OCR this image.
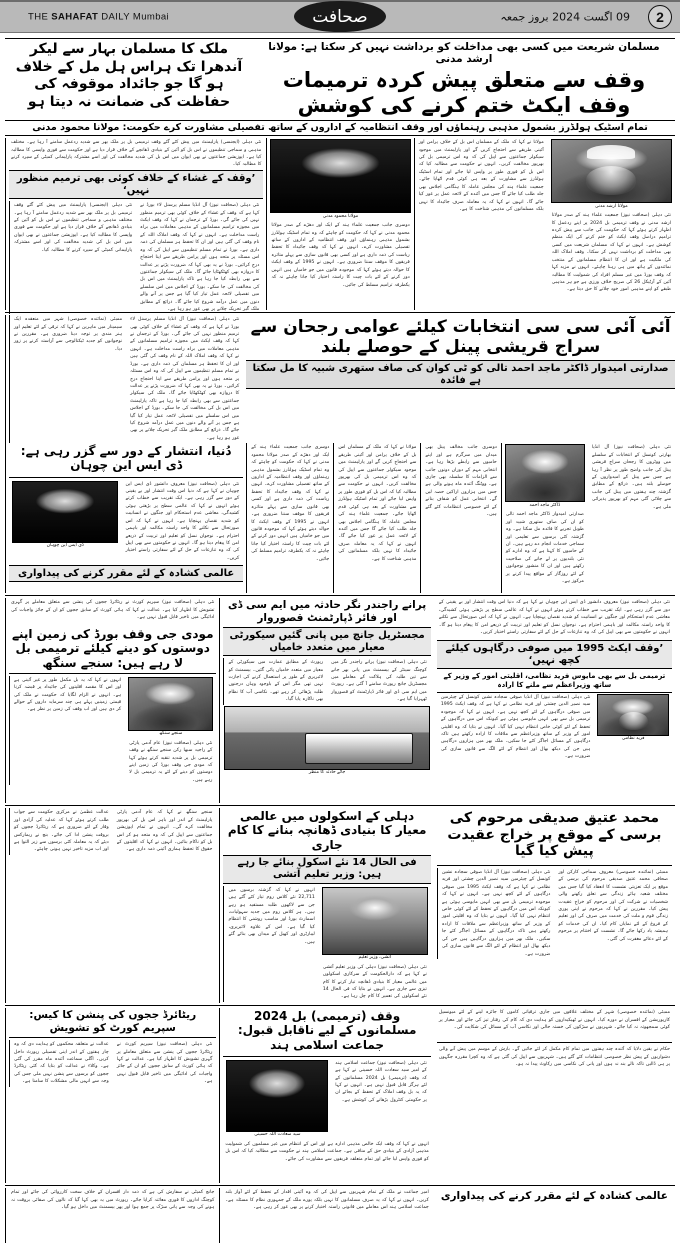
THE SAHAFAT DAILY Mumbai	صحافت	09 اگست 2024 بروز جمعہ	2
مسلمان شریعت میں کسی بھی مداخلت کو برداشت نہیں کر سکتا ہے: مولانا ارشد مدنی
وقف سے متعلق پیش کردہ ترمیمات وقف ایکٹ ختم کرنے کی کوشش
ملک کا مسلمان بہار سے لیکر آندھرا تک ہراس ہل مل کے خلاف ہو گا جو جائداد موقوفہ کی حفاظت کی ضمانت نہ دیتا ہو
تمام اسٹیک ہولڈرز بشمول مذہبی رہنماؤں اور وقف انتظامیہ کے اداروں کے ساتھ تفصیلی مشاورت کرے حکومت: مولانا محمود مدنی
مولانا ارشد مدنی
نئی دہلی (صحافت نیوز) جمعیت علماء ہند کے صدر مولانا ارشد مدنی نے وقف ترمیمی بل 2024 پر اپنے ردعمل کا اظہار کرتے ہوئے کہا کہ حکومت کی جانب سے پیش کردہ ترامیم دراصل وقف ایکٹ کو ختم کرنے کی ایک منظم کوشش ہے۔ انہوں نے کہا کہ مسلمان شریعت میں کسی بھی مداخلت کو برداشت نہیں کر سکتا۔ وقف املاک اللہ کی ملکیت ہے اور ان کا انتظام مسلمانوں کے منتخب نمائندوں کے ہاتھ میں ہی رہنا چاہئے۔ انہوں نے مزید کہا کہ وقف بورڈ میں غیر مسلم افراد کی شمولیت کا مطالبہ آئین کے آرٹیکل 26 کی صریح خلاف ورزی ہے جو ہر مذہبی طبقے کو اپنے مذہبی امور خود چلانے کا حق دیتا ہے۔
مولانا نے کہا کہ ملک کے مسلمان اس بل کے خلاف پرامن اور آئینی طریقے سے احتجاج کریں گے اور پارلیمنٹ میں موجود سیکولر جماعتوں سے اپیل کی کہ وہ اس ترمیمی بل کی بھرپور مخالفت کریں۔ انہوں نے حکومت سے مطالبہ کیا کہ اس بل کو فوری طور پر واپس لیا جائے اور تمام اسٹیک ہولڈرز سے مشاورت کے بعد ہی کوئی قدم اٹھایا جائے۔ جمعیت علماء ہند کی مجلس عاملہ کا ہنگامی اجلاس بھی جلد طلب کیا جائے گا جس میں آئندہ کے لائحہ عمل پر غور کیا جائے گا۔ انہوں نے کہا کہ یہ معاملہ صرف جائیداد کا نہیں بلکہ مسلمانوں کی مذہبی شناخت کا ہے۔
مولانا محمود مدنی
دوسری جانب جمعیت علماء ہند کے ایک اور دھڑے کے صدر مولانا محمود مدنی نے کہا کہ حکومت کو چاہئے کہ وہ تمام اسٹیک ہولڈرز بشمول مذہبی رہنماؤں اور وقف انتظامیہ کے اداروں کے ساتھ تفصیلی مشاورت کرے۔ انہوں نے کہا کہ وقف جائیداد کا تحفظ ریاست کی ذمہ داری ہے اور کسی بھی قانون سازی سے پہلے متاثرہ فریقوں کا موقف سننا ضروری ہے۔ انہوں نے 1995 کے وقف ایکٹ کا حوالہ دیتے ہوئے کہا کہ موجودہ قانون میں جو خامیاں ہیں انہیں دور کرنے کے لئے بات چیت کا راستہ اختیار کیا جانا چاہئے نہ کہ یکطرفہ ترامیم مسلط کی جائیں۔
نئی دہلی (ایجنسی) پارلیمنٹ میں پیش کئے گئے وقف ترمیمی بل پر ملک بھر سے شدید ردعمل سامنے آ رہا ہے۔ مختلف مذہبی و سماجی تنظیموں نے اس بل کو آئین کے بنیادی ڈھانچے کے خلاف قرار دیا ہے اور حکومت سے فوری واپسی کا مطالبہ کیا ہے۔ اپوزیشن جماعتوں نے بھی ایوان میں اس بل کی شدید مخالفت کی اور اسے مشترکہ پارلیمانی کمیٹی کے سپرد کرنے کا مطالبہ کیا۔
’وقف کے غشاء کے خلاف کوئی بھی ترمیم منظور نہیں‘
نئی دہلی (صحافت نیوز) آل انڈیا مسلم پرسنل لاء بورڈ نے کہا ہے کہ وقف کے غشاء کے خلاف کوئی بھی ترمیم منظور نہیں کی جائے گی۔ بورڈ کے ترجمان نے کہا کہ وقف ایکٹ میں مجوزہ ترامیم مسلمانوں کے مذہبی معاملات میں براہ راست مداخلت ہے۔ انہوں نے کہا کہ وقف املاک اللہ کے نام وقف کی گئی ہیں اور ان کا تحفظ ہر مسلمان کی ذمہ داری ہے۔ بورڈ نے تمام مسلم تنظیموں سے اپیل کی کہ وہ اس مسئلہ پر متحد ہوں اور پرامن طریقے سے اپنا احتجاج درج کرائیں۔ بورڈ نے یہ بھی کہا کہ ضرورت پڑنے پر عدالت کا دروازہ بھی کھٹکھٹایا جائے گا۔ ملک کی سیکولر جماعتوں سے بھی رابطہ کیا جا رہا ہے تاکہ پارلیمنٹ میں اس بل کی مخالفت کی جا سکے۔ بورڈ کے اجلاس میں اس سلسلے میں تفصیلی لائحہ عمل تیار کیا گیا ہے جس پر آنے والے دنوں میں عمل درآمد شروع کیا جائے گا۔ ذرائع کے مطابق ملک گیر تحریک چلانے پر بھی غور ہو رہا ہے۔
نئی دہلی (ایجنسی) پارلیمنٹ میں پیش کئے گئے وقف ترمیمی بل پر ملک بھر سے شدید ردعمل سامنے آ رہا ہے۔ مختلف مذہبی و سماجی تنظیموں نے اس بل کو آئین کے بنیادی ڈھانچے کے خلاف قرار دیا ہے اور حکومت سے فوری واپسی کا مطالبہ کیا ہے۔ اپوزیشن جماعتوں نے بھی ایوان میں اس بل کی شدید مخالفت کی اور اسے مشترکہ پارلیمانی کمیٹی کے سپرد کرنے کا مطالبہ کیا۔
آئی آئی سی سی انتخابات کیلئے عوامی رجحان سے سراج قریشی پینل کے حوصلے بلند
صدارتی امیدوار ڈاکٹر ماجد احمد تالی کو ٹی کوان کی صاف ستھری شبیہ کا مل سکتا ہے فائدہ
نئی دہلی (صحافت نیوز) آل انڈیا مسلم پرسنل لاء بورڈ نے کہا ہے کہ وقف کے غشاء کے خلاف کوئی بھی ترمیم منظور نہیں کی جائے گی۔ بورڈ کے ترجمان نے کہا کہ وقف ایکٹ میں مجوزہ ترامیم مسلمانوں کے مذہبی معاملات میں براہ راست مداخلت ہے۔ انہوں نے کہا کہ وقف املاک اللہ کے نام وقف کی گئی ہیں اور ان کا تحفظ ہر مسلمان کی ذمہ داری ہے۔ بورڈ نے تمام مسلم تنظیموں سے اپیل کی کہ وہ اس مسئلہ پر متحد ہوں اور پرامن طریقے سے اپنا احتجاج درج کرائیں۔ بورڈ نے یہ بھی کہا کہ ضرورت پڑنے پر عدالت کا دروازہ بھی کھٹکھٹایا جائے گا۔ ملک کی سیکولر جماعتوں سے بھی رابطہ کیا جا رہا ہے تاکہ پارلیمنٹ میں اس بل کی مخالفت کی جا سکے۔ بورڈ کے اجلاس میں اس سلسلے میں تفصیلی لائحہ عمل تیار کیا گیا ہے جس پر آنے والے دنوں میں عمل درآمد شروع کیا جائے گا۔ ذرائع کے مطابق ملک گیر تحریک چلانے پر بھی غور ہو رہا ہے۔
ممبئی (نمائندہ خصوصی) شہر میں منعقدہ ایک سیمینار میں ماہرین نے کہا کہ ترقی کے لئے تعلیم اور ہنر مندی پر توجہ دینا ضروری ہے۔ مقررین نے نوجوانوں کو جدید ٹیکنالوجی سے آراستہ کرنے پر زور دیا۔
نئی دہلی (صحافت نیوز) آل انڈیا بھارتی کونسل کے انتخابات کے سلسلے میں ووٹروں کا رجحان سراج قریشی پینل کی جانب واضح طور پر نظر آ رہا ہے جس سے پینل کے امیدواروں کے حوصلے بلند ہیں۔ ذرائع کے مطابق گزشتہ چند ہفتوں میں پینل کی جانب سے چلائی گئی مہم کو بھرپور پذیرائی ملی ہے۔
ڈاکٹر ماجد احمد
صدارتی امیدوار ڈاکٹر ماجد احمد تالی کو ان کی صاف ستھری شبیہ اور طویل تجربے کا فائدہ مل سکتا ہے۔ وہ گزشتہ کئی برسوں سے تعلیمی اور سماجی خدمات انجام دے رہے ہیں۔ ان کے حامیوں کا کہنا ہے کہ وہ ادارے کو نئی بلندیوں پر لے جانے کی صلاحیت رکھتے ہیں اور ان کا منشور نوجوانوں کے لئے روزگار کے مواقع پیدا کرنے پر مرکوز ہے۔
دوسری جانب مخالف پینل بھی میدان میں سرگرم ہے اور اپنے حامیوں سے رابطے بڑھا رہا ہے۔ انتخابی مہم کے دوران دونوں جانب سے الزامات کا سلسلہ بھی جاری ہے۔ ووٹنگ آئندہ ماہ ہونے والی ہے جس میں ہزاروں اراکین حصہ لیں گے۔ انتخابی عمل کو شفاف بنانے کے لئے خصوصی انتظامات کئے گئے ہیں۔
مولانا نے کہا کہ ملک کے مسلمان اس بل کے خلاف پرامن اور آئینی طریقے سے احتجاج کریں گے اور پارلیمنٹ میں موجود سیکولر جماعتوں سے اپیل کی کہ وہ اس ترمیمی بل کی بھرپور مخالفت کریں۔ انہوں نے حکومت سے مطالبہ کیا کہ اس بل کو فوری طور پر واپس لیا جائے اور تمام اسٹیک ہولڈرز سے مشاورت کے بعد ہی کوئی قدم اٹھایا جائے۔ جمعیت علماء ہند کی مجلس عاملہ کا ہنگامی اجلاس بھی جلد طلب کیا جائے گا جس میں آئندہ کے لائحہ عمل پر غور کیا جائے گا۔ انہوں نے کہا کہ یہ معاملہ صرف جائیداد کا نہیں بلکہ مسلمانوں کی مذہبی شناخت کا ہے۔
دوسری جانب جمعیت علماء ہند کے ایک اور دھڑے کے صدر مولانا محمود مدنی نے کہا کہ حکومت کو چاہئے کہ وہ تمام اسٹیک ہولڈرز بشمول مذہبی رہنماؤں اور وقف انتظامیہ کے اداروں کے ساتھ تفصیلی مشاورت کرے۔ انہوں نے کہا کہ وقف جائیداد کا تحفظ ریاست کی ذمہ داری ہے اور کسی بھی قانون سازی سے پہلے متاثرہ فریقوں کا موقف سننا ضروری ہے۔ انہوں نے 1995 کے وقف ایکٹ کا حوالہ دیتے ہوئے کہا کہ موجودہ قانون میں جو خامیاں ہیں انہیں دور کرنے کے لئے بات چیت کا راستہ اختیار کیا جانا چاہئے نہ کہ یکطرفہ ترامیم مسلط کی جائیں۔
دُنیا، انتشار کے دور سے گزر رہی ہے: ڈی ایس این چوہان
نئی دہلی (صحافت نیوز) معروف دانشور ڈی ایس این چوہان نے کہا ہے کہ دنیا اس وقت انتشار اور بے یقینی کے دور سے گزر رہی ہے۔ ایک تقریب سے خطاب کرتے ہوئے انہوں نے کہا کہ عالمی سطح پر بڑھتی ہوئی کشیدگی، معاشی عدم استحکام اور جنگوں نے انسانیت کو شدید نقصان پہنچایا ہے۔ انہوں نے کہا کہ اس صورتحال سے نکلنے کا واحد راستہ مکالمہ اور باہمی احترام ہے۔ نوجوان نسل کو تعلیم اور تربیت کے ذریعے امن کا پیغام دینا ہو گا۔ انہوں نے حکومتوں سے بھی اپیل کی کہ وہ تنازعات کے حل کے لئے سفارتی راستے اختیار کریں۔
ڈی ایس این چوہان
عالمی کشادہ کے لئے مقرر کرنے کی پیداواری
نئی دہلی (صحافت نیوز) معروف دانشور ڈی ایس این چوہان نے کہا ہے کہ دنیا اس وقت انتشار اور بے یقینی کے دور سے گزر رہی ہے۔ ایک تقریب سے خطاب کرتے ہوئے انہوں نے کہا کہ عالمی سطح پر بڑھتی ہوئی کشیدگی، معاشی عدم استحکام اور جنگوں نے انسانیت کو شدید نقصان پہنچایا ہے۔ انہوں نے کہا کہ اس صورتحال سے نکلنے کا واحد راستہ مکالمہ اور باہمی احترام ہے۔ نوجوان نسل کو تعلیم اور تربیت کے ذریعے امن کا پیغام دینا ہو گا۔ انہوں نے حکومتوں سے بھی اپیل کی کہ وہ تنازعات کے حل کے لئے سفارتی راستے اختیار کریں۔
’وقف ایکٹ 1995 میں صوفی درگاہوں کیلئے کچھ نہیں‘
ترمیمی بل سے بھی مایوس فرید نظامی، اقلیتی امور کے وزیر کے ساتھ وزیراعظم سے ملنے کا ارادہ
فرید نظامی
نئی دہلی (صحافت نیوز) آل انڈیا صوفی سجادہ نشین کونسل کے چیئرمین سید نصیر الدین چشتی اور فرید نظامی نے کہا ہے کہ وقف ایکٹ 1995 میں صوفی درگاہوں کے لئے کچھ نہیں ہے۔ انہوں نے کہا کہ موجودہ ترمیمی بل سے بھی انہیں مایوسی ہوئی ہے کیونکہ اس میں درگاہوں کے تحفظ کے لئے کوئی خاص انتظام نہیں کیا گیا۔ انہوں نے بتایا کہ وہ اقلیتی امور کے وزیر کے ساتھ وزیراعظم سے ملاقات کا ارادہ رکھتے ہیں تاکہ درگاہوں کے مسائل اجاگر کئے جا سکیں۔ ملک بھر میں ہزاروں درگاہیں ہیں جن کی دیکھ بھال اور انتظام کے لئے الگ سے قانون سازی کی ضرورت ہے۔
پرانے راجندر نگر حادثہ میں ایم سی ڈی اور فائر ڈپارٹمنٹ قصوروار
مجسٹریل جانچ میں پانی گئیں سیکورٹی معیار میں متعدد خامیاں
نئی دہلی (صحافت نیوز) پرانے راجندر نگر میں کوچنگ سینٹر کے بیسمنٹ میں پانی بھر جانے سے تین طلبہ کی ہلاکت کے معاملے میں مجسٹریل جانچ رپورٹ سامنے آ گئی ہے۔ رپورٹ میں ایم سی ڈی اور فائر ڈپارٹمنٹ کو قصوروار ٹھہرایا گیا ہے۔
رپورٹ کے مطابق عمارت میں سیکورٹی کے معیار میں متعدد خامیاں پائی گئیں۔ بیسمنٹ کو لائبریری کے طور پر استعمال کرنے کی اجازت نہیں تھی مگر اس کے باوجود وہاں درجنوں طلبہ پڑھائی کر رہے تھے۔ نکاسی آب کا نظام بھی ناکارہ پایا گیا۔
جائے حادثہ کا منظر
نئی دہلی (صحافت نیوز) سپریم کورٹ نے ریٹائرڈ ججوں کی پنشن سے متعلق معاملے پر گہری تشویش کا اظہار کیا ہے۔ عدالت نے کہا کہ ہائی کورٹ کے سابق ججوں کو ان کے جائز واجبات کی ادائیگی میں تاخیر قابل قبول نہیں ہے۔
مودی جی وقف بورڈ کی زمین اپنے دوستوں کو دینے کیلئے ترمیمی بل لا رہے ہیں: سنجے سنگھ
سنجے سنگھ
نئی دہلی (صحافت نیوز) عام آدمی پارٹی کے راجیہ سبھا رکن سنجے سنگھ نے وقف ترمیمی بل پر شدید تنقید کرتے ہوئے کہا کہ مودی جی وقف بورڈ کی زمین اپنے دوستوں کو دینے کے لئے یہ ترمیمی بل لا رہے ہیں۔
انہوں نے کہا کہ یہ بل مکمل طور پر غیر آئینی ہے اور اس کا مقصد اقلیتوں کی جائیداد پر قبضہ کرنا ہے۔ انہوں نے الزام لگایا کہ حکومت نے ملک کی قیمتی زمینیں پہلے ہی چند سرمایہ داروں کے حوالے کر دی ہیں اور اب وقف کی زمین پر نظر ہے۔
محمد عتیق صدیقی مرحوم کی برسی کے موقع پر خراج عقیدت پیش کیا گیا
ممبئی (نمائندہ خصوصی) معروف سماجی کارکن اور صحافی محمد عتیق صدیقی مرحوم کی برسی کے موقع پر ایک تعزیتی نشست کا انعقاد کیا گیا جس میں مختلف شعبہ ہائے زندگی سے تعلق رکھنے والی شخصیات نے شرکت کی اور مرحوم کو خراج عقیدت پیش کیا۔ مقررین نے کہا کہ مرحوم نے اپنی پوری زندگی قوم و ملت کی خدمت میں صرف کی اور تعلیم کے فروغ کے لئے نمایاں کام کیا۔ ان کی خدمات کو ہمیشہ یاد رکھا جائے گا۔ نشست کے اختتام پر مرحوم کے لئے دعائے مغفرت کی گئی۔
نئی دہلی (صحافت نیوز) آل انڈیا صوفی سجادہ نشین کونسل کے چیئرمین سید نصیر الدین چشتی اور فرید نظامی نے کہا ہے کہ وقف ایکٹ 1995 میں صوفی درگاہوں کے لئے کچھ نہیں ہے۔ انہوں نے کہا کہ موجودہ ترمیمی بل سے بھی انہیں مایوسی ہوئی ہے کیونکہ اس میں درگاہوں کے تحفظ کے لئے کوئی خاص انتظام نہیں کیا گیا۔ انہوں نے بتایا کہ وہ اقلیتی امور کے وزیر کے ساتھ وزیراعظم سے ملاقات کا ارادہ رکھتے ہیں تاکہ درگاہوں کے مسائل اجاگر کئے جا سکیں۔ ملک بھر میں ہزاروں درگاہیں ہیں جن کی دیکھ بھال اور انتظام کے لئے الگ سے قانون سازی کی ضرورت ہے۔
دہلی کے اسکولوں میں عالمی معیار کا بنیادی ڈھانچہ بنانے کا کام جاری
فی الحال 14 نئے اسکول بنائے جا رہے ہیں: وزیر تعلیم آتشی
آتشی، وزیر تعلیم
نئی دہلی (صحافت نیوز) دہلی کی وزیر تعلیم آتشی نے کہا ہے کہ دارالحکومت کے سرکاری اسکولوں میں عالمی معیار کا بنیادی ڈھانچہ تیار کرنے کا کام تیزی سے جاری ہے۔ انہوں نے بتایا کہ فی الحال 14 نئے اسکولوں کی تعمیر کا کام چل رہا ہے۔
انہوں نے کہا کہ گزشتہ برسوں میں 22,711 نئے کلاس روم تیار کئے گئے ہیں جن سے لاکھوں طلبہ مستفید ہو رہے ہیں۔ ہر کلاس روم میں جدید سہولیات، اسمارٹ بورڈ اور مناسب روشنی کا انتظام کیا گیا ہے۔ اس کے علاوہ لائبریری، لیبارٹری اور کھیل کے میدان بھی بنائے گئے ہیں۔
سنجے سنگھ نے کہا کہ عام آدمی پارٹی پارلیمنٹ کے اندر اور باہر اس بل کی بھرپور مخالفت کرے گی۔ انہوں نے تمام اپوزیشن جماعتوں سے اپیل کی کہ وہ متحد ہو کر اس بل کو ناکام بنائیں۔ انہوں نے کہا کہ اقلیتوں کے حقوق کا تحفظ ہماری آئینی ذمہ داری ہے۔
عدالت عظمیٰ نے مرکزی حکومت سے جواب طلب کرتے ہوئے کہا کہ عدلیہ کی آزادی اور وقار کے لئے ضروری ہے کہ ریٹائرڈ ججوں کو بروقت پنشن ادا کی جائے۔ بنچ نے ریمارکس دیئے کہ یہ معاملہ کئی برسوں سے زیر التوا ہے اور اب مزید تاخیر نہیں ہونی چاہئے۔
ممبئی (نمائندہ خصوصی) شہر کے مختلف علاقوں میں جاری ترقیاتی کاموں کا جائزہ لینے کے لئے میونسپل کارپوریشن کے افسران نے دورہ کیا۔ انہوں نے ٹھیکیداروں کو ہدایت دی کہ کام کی رفتار تیز کی جائے اور معیار پر کوئی سمجھوتہ نہ کیا جائے۔ شہریوں نے سڑکوں کی خستہ حالی اور نکاسی آب کے مسائل کی شکایت کی۔
حکام نے یقین دلایا کہ آئندہ چند ہفتوں میں تمام کام مکمل کر لئے جائیں گے۔ بارش کے موسم میں پیش آنے والی دشواریوں کے پیش نظر خصوصی انتظامات کئے گئے ہیں۔ شہریوں سے اپیل کی گئی ہے کہ وہ کچرا مقررہ جگہوں پر ہی ڈالیں تاکہ نالے بند نہ ہوں اور پانی کی نکاسی میں رکاوٹ پیدا نہ ہو۔
وقف (ترمیمی) بل 2024 مسلمانوں کے لیے ناقابل قبول: جماعت اسلامی ہند
نئی دہلی (صحافت نیوز) جماعت اسلامی ہند کے امیر سید سعادت اللہ حسینی نے کہا ہے کہ وقف (ترمیمی) بل 2024 مسلمانوں کے لئے ہرگز قابل قبول نہیں ہے۔ انہوں نے کہا کہ یہ بل وقف املاک کے تحفظ کے بجائے ان پر حکومتی کنٹرول بڑھانے کی کوشش ہے۔
سید سعادت اللہ حسینی
انہوں نے کہا کہ وقف ایک خالص مذہبی ادارہ ہے اور اس کے انتظام میں غیر مسلموں کی شمولیت مذہبی آزادی کے بنیادی حق کے منافی ہے۔ جماعت اسلامی ہند نے حکومت سے مطالبہ کیا کہ اس بل کو فوری واپس لیا جائے اور تمام متعلقہ فریقوں سے مشاورت کی جائے۔
ریٹائرڈ ججوں کی پنشن کا کیس: سپریم کورٹ کو تشویش
نئی دہلی (صحافت نیوز) سپریم کورٹ نے ریٹائرڈ ججوں کی پنشن سے متعلق معاملے پر گہری تشویش کا اظہار کیا ہے۔ عدالت نے کہا کہ ہائی کورٹ کے سابق ججوں کو ان کے جائز واجبات کی ادائیگی میں تاخیر قابل قبول نہیں ہے۔
عدالت نے متعلقہ محکموں کو ہدایت دی کہ وہ چار ہفتوں کے اندر اپنی تفصیلی رپورٹ داخل کریں۔ اگلی سماعت آئندہ ماہ مقرر کی گئی ہے۔ وکلاء نے عدالت کو بتایا کہ کئی ریٹائرڈ ججوں کو برسوں سے پنشن نہیں ملی جس کی وجہ سے انہیں مالی مشکلات کا سامنا ہے۔
عالمی کشادہ کے لئے مقرر کرنے کی پیداواری
امیر جماعت نے ملک کے تمام شہریوں سے اپیل کی کہ وہ آئینی اقدار کے تحفظ کے لئے آواز بلند کریں۔ انہوں نے کہا کہ یہ صرف مسلمانوں کا نہیں بلکہ پورے ملک کے جمہوری نظام کا مسئلہ ہے۔ جماعت اسلامی ہند اس معاملے میں قانونی راستہ اختیار کرنے پر بھی غور کر رہی ہے۔
جانچ کمیٹی نے سفارش کی ہے کہ ذمہ دار افسران کے خلاف سخت کارروائی کی جائے اور تمام کوچنگ اداروں کا فوری معائنہ کرایا جائے۔ رپورٹ میں یہ بھی کہا گیا کہ نالوں کی صفائی بروقت نہ ہونے کی وجہ سے پانی سڑک پر جمع ہوا اور پھر بیسمنٹ میں داخل ہو گیا۔
